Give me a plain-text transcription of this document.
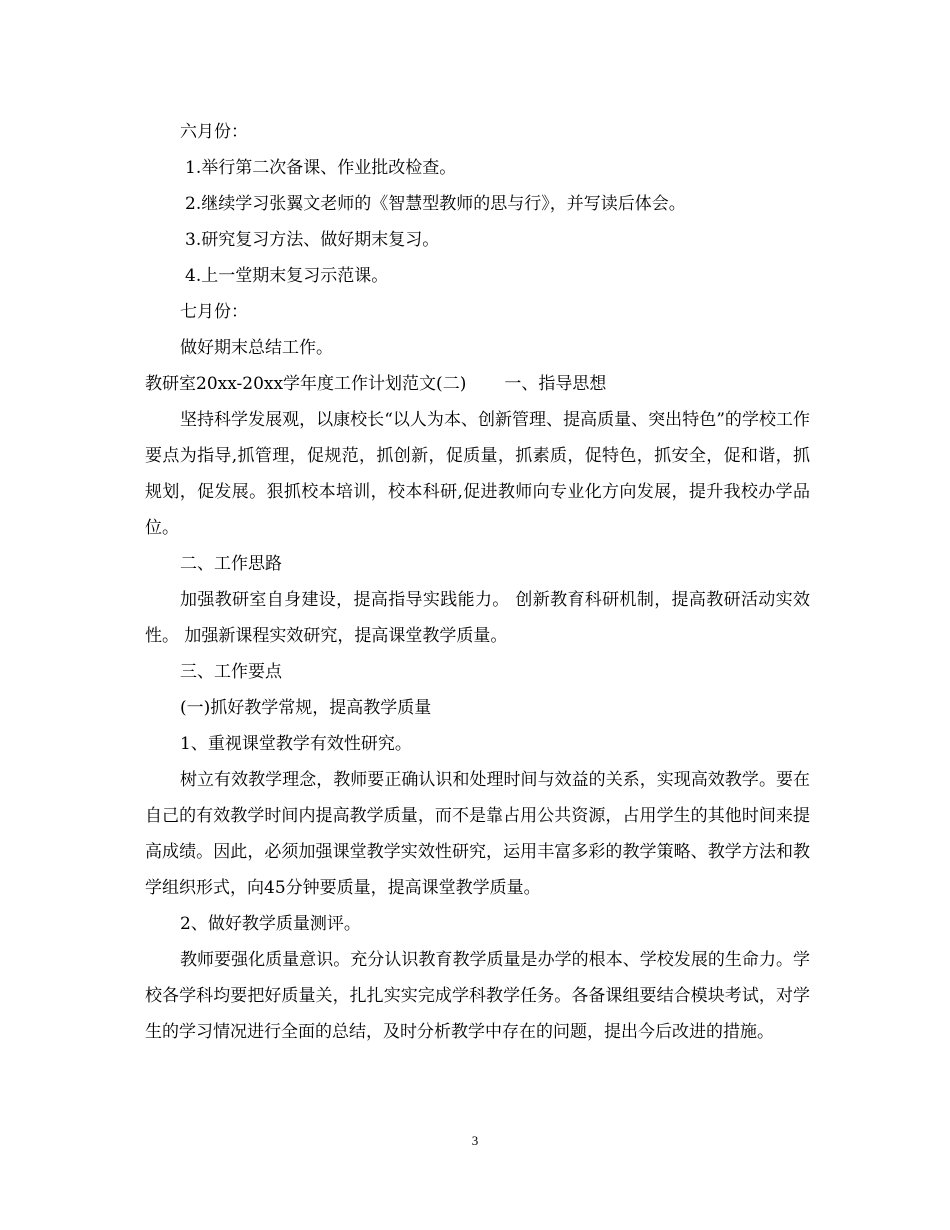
六月份：
1.举行第二次备课、作业批改检查。
2.继续学习张翼文老师的《智慧型教师的思与行》，并写读后体会。
3.研究复习方法、做好期末复习。
4.上一堂期末复习示范课。
七月份：
做好期末总结工作。
教研室20xx-20xx学年度工作计划范文(二) 一、指导思想

坚持科学发展观，以康校长“以人为本、创新管理、提高质量、突出特色”的学校工作要点为指导,抓管理，促规范，抓创新，促质量，抓素质，促特色，抓安全，促和谐，抓规划，促发展。狠抓校本培训，校本科研,促进教师向专业化方向发展，提升我校办学品位。

二、工作思路

加强教研室自身建设，提高指导实践能力。 创新教育科研机制，提高教研活动实效性。 加强新课程实效研究，提高课堂教学质量。

三、工作要点
(一)抓好教学常规，提高教学质量
1、重视课堂教学有效性研究。

树立有效教学理念，教师要正确认识和处理时间与效益的关系，实现高效教学。要在自己的有效教学时间内提高教学质量，而不是靠占用公共资源，占用学生的其他时间来提高成绩。因此，必须加强课堂教学实效性研究，运用丰富多彩的教学策略、教学方法和教学组织形式，向45分钟要质量，提高课堂教学质量。

2、做好教学质量测评。

教师要强化质量意识。充分认识教育教学质量是办学的根本、学校发展的生命力。学校各学科均要把好质量关，扎扎实实完成学科教学任务。各备课组要结合模块考试，对学生的学习情况进行全面的总结，及时分析教学中存在的问题，提出今后改进的措施。

3
